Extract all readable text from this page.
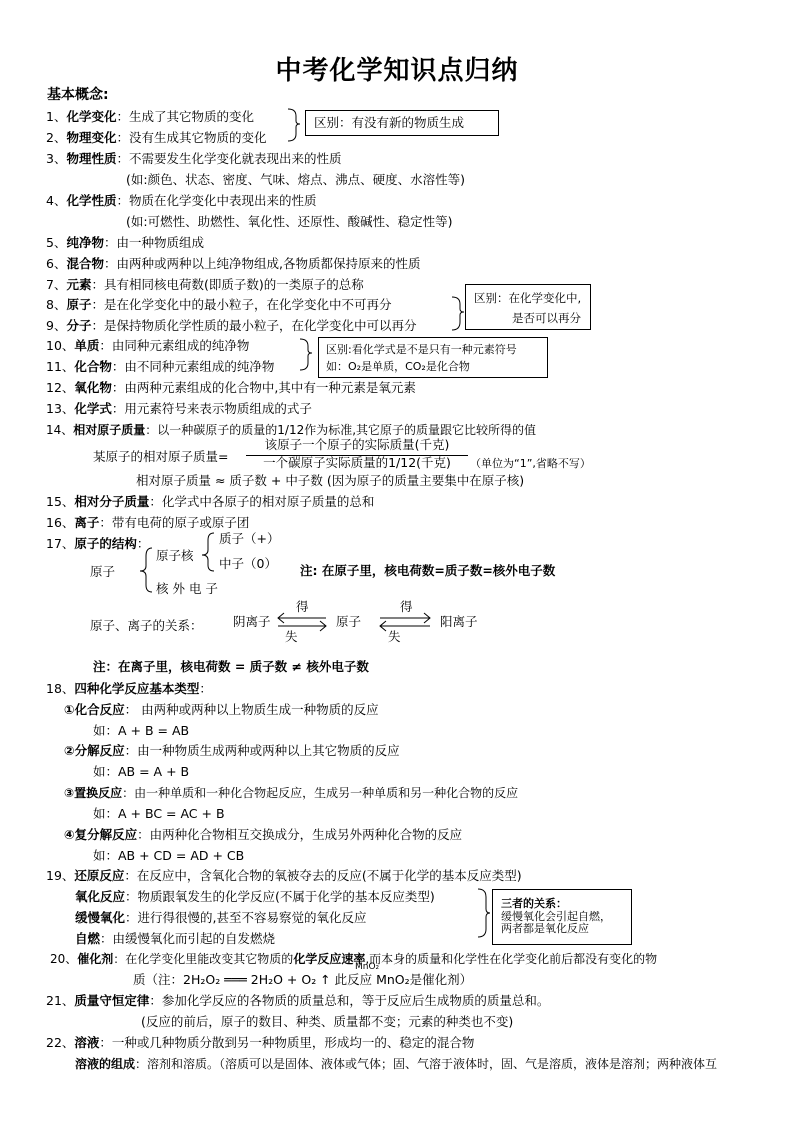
中考化学知识点归纳
基本概念:
1、化学变化：生成了其它物质的变化
2、物理变化：没有生成其它物质的变化
区别：有没有新的物质生成
3、物理性质：不需要发生化学变化就表现出来的性质
(如:颜色、状态、密度、气味、熔点、沸点、硬度、水溶性等)
4、化学性质：物质在化学变化中表现出来的性质
(如:可燃性、助燃性、氧化性、还原性、酸碱性、稳定性等)
5、纯净物：由一种物质组成
6、混合物：由两种或两种以上纯净物组成,各物质都保持原来的性质
7、元素：具有相同核电荷数(即质子数)的一类原子的总称
8、原子：是在化学变化中的最小粒子，在化学变化中不可再分
9、分子：是保持物质化学性质的最小粒子，在化学变化中可以再分
区别：在化学变化中,
是否可以再分
10、单质：由同种元素组成的纯净物
11、化合物：由不同种元素组成的纯净物
区别:看化学式是不是只有一种元素符号
如：O₂是单质，CO₂是化合物
12、氧化物：由两种元素组成的化合物中,其中有一种元素是氧元素
13、化学式：用元素符号来表示物质组成的式子
14、相对原子质量：以一种碳原子的质量的1/12作为标准,其它原子的质量跟它比较所得的值
某原子的相对原子质量=
该原子一个原子的实际质量(千克)
一个碳原子实际质量的1/12(千克)	（单位为“1”,省略不写）
相对原子质量 ≈ 质子数 + 中子数 (因为原子的质量主要集中在原子核)
15、相对分子质量：化学式中各原子的相对原子质量的总和
16、离子：带有电荷的原子或原子团
17、原子的结构：
原子
原子核
质子（+）
中子（0）
核 外 电 子
注: 在原子里，核电荷数=质子数=核外电子数
原子、离子的关系： 阴离子
得
失
原子
得
失
阳离子
注：在离子里，核电荷数 = 质子数 ≠ 核外电子数
18、四种化学反应基本类型：
①化合反应： 由两种或两种以上物质生成一种物质的反应
如：A + B = AB
②分解反应：由一种物质生成两种或两种以上其它物质的反应
如：AB = A + B
③置换反应：由一种单质和一种化合物起反应，生成另一种单质和另一种化合物的反应
如：A + BC = AC + B
④复分解反应：由两种化合物相互交换成分，生成另外两种化合物的反应
如：AB + CD = AD + CB
19、还原反应：在反应中，含氧化合物的氧被夺去的反应(不属于化学的基本反应类型)
氧化反应：物质跟氧发生的化学反应(不属于化学的基本反应类型)
缓慢氧化：进行得很慢的,甚至不容易察觉的氧化反应
自燃：由缓慢氧化而引起的自发燃烧
三者的关系：
缓慢氧化会引起自燃，
两者都是氧化反应
20、催化剂：在化学变化里能改变其它物质的化学反应速率,而本身的质量和化学性在化学变化前后都没有变化的物
质（注：2H₂O₂ ═══ 2H₂O + O₂ ↑ 此反应 MnO₂是催化剂）
MnO₂
21、质量守恒定律：参加化学反应的各物质的质量总和，等于反应后生成物质的质量总和。
(反应的前后，原子的数目、种类、质量都不变；元素的种类也不变)
22、溶液：一种或几种物质分散到另一种物质里，形成均一的、稳定的混合物
溶液的组成：溶剂和溶质。（溶质可以是固体、液体或气体；固、气溶于液体时，固、气是溶质，液体是溶剂；两种液体互
